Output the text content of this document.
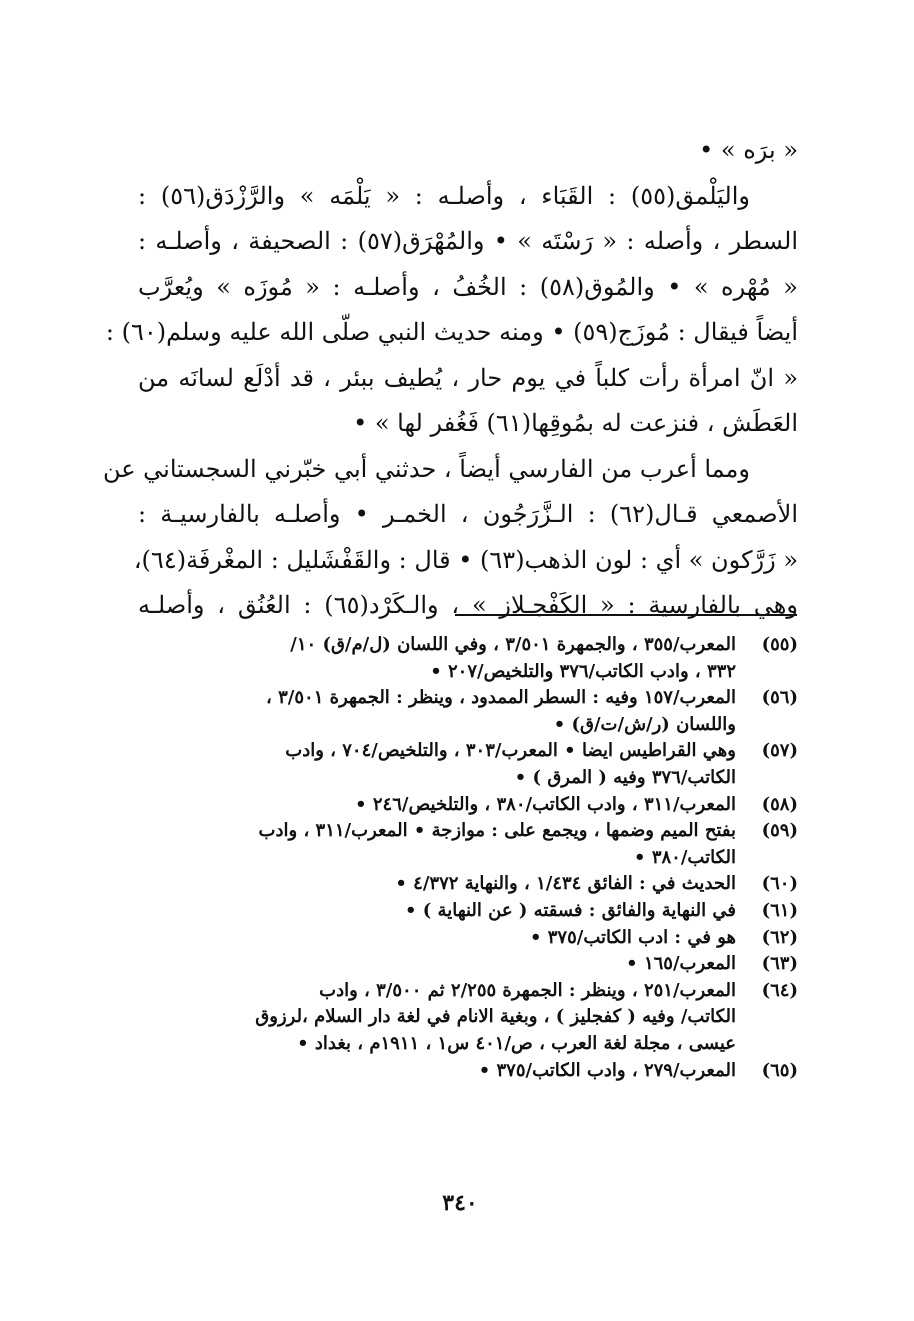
« برَه » •
واليَلْمق(٥٥) : القَبَاء ، وأصلـه : « يَلْمَه » والرَّزْدَق(٥٦) :
السطر ، وأصله : « رَسْتَه » • والمُهْرَق(٥٧) : الصحيفة ، وأصلـه :
« مُهْره » • والمُوق(٥٨) : الخُفُ ، وأصلـه : « مُوزَه » ويُعرَّب
أيضاً فيقال : مُوزَج(٥٩) • ومنه حديث النبي صلّى الله عليه وسلم(٦٠) :
« انّ امرأة رأت كلباً في يوم حار ، يُطيف ببئر ، قد أدْلَع لسانَه من
العَطَش ، فنزعت له بمُوقِها(٦١) فَغُفر لها » •
ومما أعرب من الفارسي أيضاً ، حدثني أبي خبّرني السجستاني عن
الأصمعي قـال(٦٢) : الـزَّرَجُون ، الخمـر • وأصلـه بالفارسيـة :
« زَرَّكون » أي : لون الذهب(٦٣) • قال : والقَفْشَليل : المغْرفَة(٦٤)،
وهي بالفارسية : « الكَفْجـلاز » ، والـكَرْد(٦٥) : العُنُق ، وأصلـه
(٥٥)
المعرب/٣٥٥ ، والجمهرة ٣/٥٠١ ، وفي اللسان (ل/م/ق) ١٠/
٣٣٢ ، وادب الكاتب/٣٧٦ والتلخيص/٢٠٧ •
(٥٦)
المعرب/١٥٧ وفيه : السطر الممدود ، وينظر : الجمهرة ٣/٥٠١ ،
واللسان (ر/ش/ت/ق) •
(٥٧)
وهي القراطيس ايضا • المعرب/٣٠٣ ، والتلخيص/٧٠٤ ، وادب
الكاتب/٣٧٦ وفيه ( المرق ) •
(٥٨)
المعرب/٣١١ ، وادب الكاتب/٣٨٠ ، والتلخيص/٢٤٦ •
(٥٩)
بفتح الميم وضمها ، ويجمع على : موازجة • المعرب/٣١١ ، وادب
الكاتب/٣٨٠ •
(٦٠)
الحديث في : الفائق ١/٤٣٤ ، والنهاية ٤/٣٧٢ •
(٦١)
في النهاية والفائق : فسقته ( عن النهاية ) •
(٦٢)
هو في : ادب الكاتب/٣٧٥ •
(٦٣)
المعرب/١٦٥ •
(٦٤)
المعرب/٢٥١ ، وينظر : الجمهرة ٢/٢٥٥ ثم ٣/٥٠٠ ، وادب
الكاتب/ وفيه ( كفجليز ) ، وبغية الانام في لغة دار السلام ،لرزوق
عيسى ، مجلة لغة العرب ، ص/٤٠١ س١ ، ١٩١١م ، بغداد •
(٦٥)
المعرب/٢٧٩ ، وادب الكاتب/٣٧٥ •
٣٤٠
